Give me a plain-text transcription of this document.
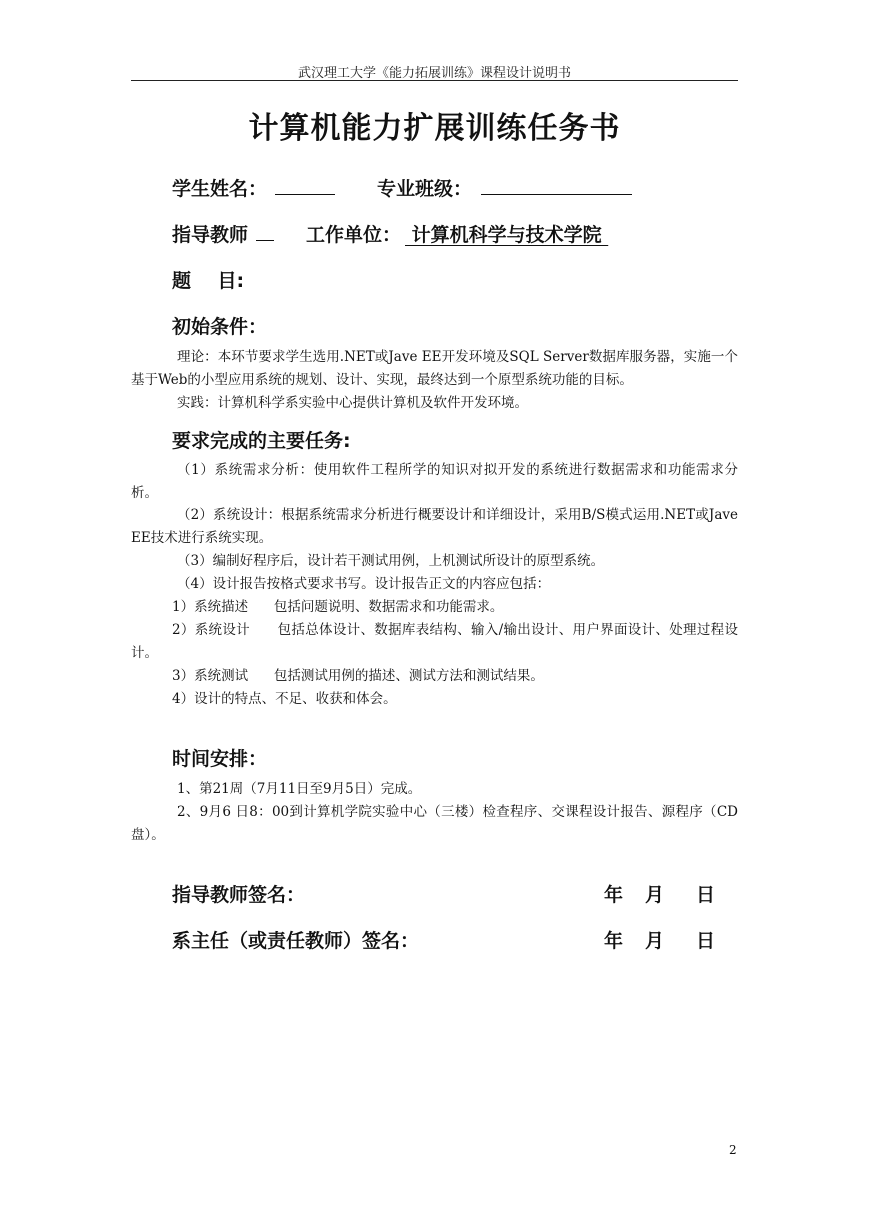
武汉理工大学《能力拓展训练》课程设计说明书
计算机能力扩展训练任务书
学生姓名：	专业班级：
指导教师	工作单位： 计算机科学与技术学院
题    目:
初始条件：
理论：本环节要求学生选用.NET或Jave EE开发环境及SQL Server数据库服务器，实施一个基于Web的小型应用系统的规划、设计、实现，最终达到一个原型系统功能的目标。
实践：计算机科学系实验中心提供计算机及软件开发环境。
要求完成的主要任务:
（1）系统需求分析：使用软件工程所学的知识对拟开发的系统进行数据需求和功能需求分析。
（2）系统设计：根据系统需求分析进行概要设计和详细设计，采用B/S模式运用.NET或Jave EE技术进行系统实现。
（3）编制好程序后，设计若干测试用例，上机测试所设计的原型系统。
（4）设计报告按格式要求书写。设计报告正文的内容应包括：
1）系统描述      包括问题说明、数据需求和功能需求。
2）系统设计      包括总体设计、数据库表结构、输入/输出设计、用户界面设计、处理过程设计。
3）系统测试      包括测试用例的描述、测试方法和测试结果。
4）设计的特点、不足、收获和体会。
时间安排：
1、第21周（7月11日至9月5日）完成。
2、9月6 日8：00到计算机学院实验中心（三楼）检查程序、交课程设计报告、源程序（CD盘）。
指导教师签名：	年 月 日
系主任（或责任教师）签名：	年 月 日
2
